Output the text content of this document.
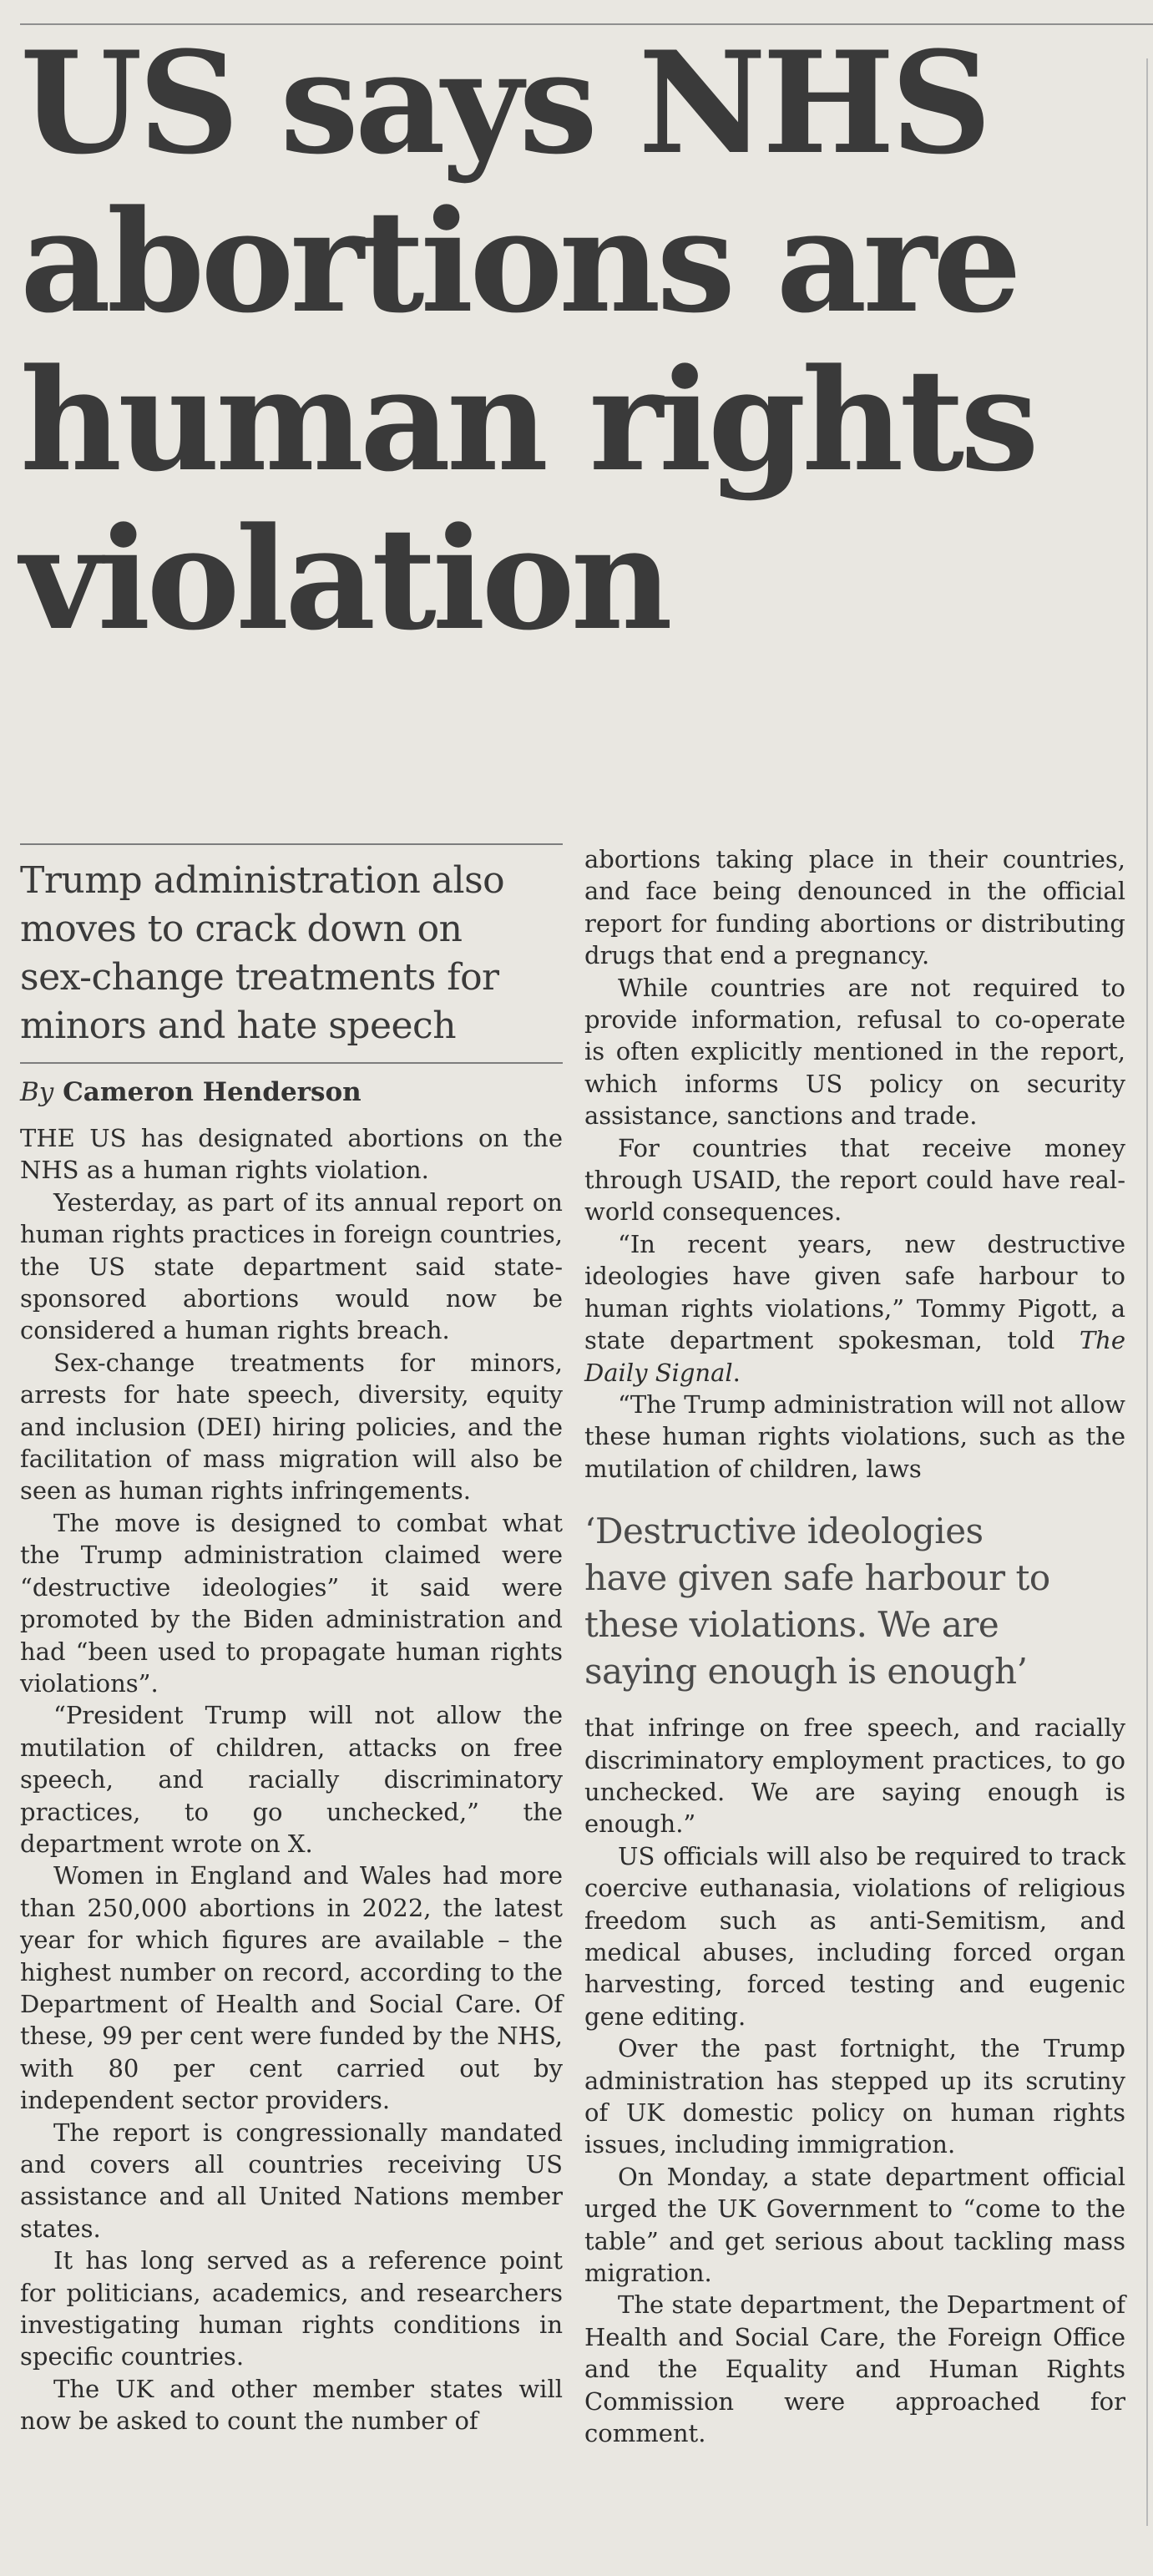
US says NHS
abortions are
human rights
violation
Trump administration also
moves to crack down on
sex-change treatments for
minors and hate speech
By Cameron Henderson

THE US has designated abortions on the NHS as a human rights violation.

Yesterday, as part of its annual report on human rights practices in foreign countries, the US state department said state-sponsored abortions would now be considered a human rights breach.

Sex-change treatments for minors, arrests for hate speech, diversity, equity and inclusion (DEI) hiring policies, and the facilitation of mass migration will also be seen as human rights infringements.

The move is designed to combat what the Trump administration claimed were “destructive ideologies” it said were promoted by the Biden administration and had “been used to propagate human rights violations”.

“President Trump will not allow the mutilation of children, attacks on free speech, and racially discriminatory practices, to go unchecked,” the department wrote on X.

Women in England and Wales had more than 250,000 abortions in 2022, the latest year for which figures are available – the highest number on record, according to the Department of Health and Social Care. Of these, 99 per cent were funded by the NHS, with 80 per cent carried out by independent sector providers.

The report is congressionally mandated and covers all countries receiving US assistance and all United Nations member states.

It has long served as a reference point for politicians, academics, and researchers investigating human rights conditions in specific countries.

The UK and other member states will now be asked to count the number of

abortions taking place in their countries, and face being denounced in the official report for funding abortions or distributing drugs that end a pregnancy.

While countries are not required to provide information, refusal to co-operate is often explicitly mentioned in the report, which informs US policy on security assistance, sanctions and trade.

For countries that receive money through USAID, the report could have real-world consequences.

“In recent years, new destructive ideologies have given safe harbour to human rights violations,” Tommy Pigott, a state department spokesman, told The Daily Signal.

“The Trump administration will not allow these human rights violations, such as the mutilation of children, laws

‘Destructive ideologies
have given safe harbour to
these violations. We are
saying enough is enough’

that infringe on free speech, and racially discriminatory employment practices, to go unchecked. We are saying enough is enough.”

US officials will also be required to track coercive euthanasia, violations of religious freedom such as anti-Semitism, and medical abuses, including forced organ harvesting, forced testing and eugenic gene editing.

Over the past fortnight, the Trump administration has stepped up its scrutiny of UK domestic policy on human rights issues, including immigration.

On Monday, a state department official urged the UK Government to “come to the table” and get serious about tackling mass migration.

The state department, the Department of Health and Social Care, the Foreign Office and the Equality and Human Rights Commission were approached for comment.
